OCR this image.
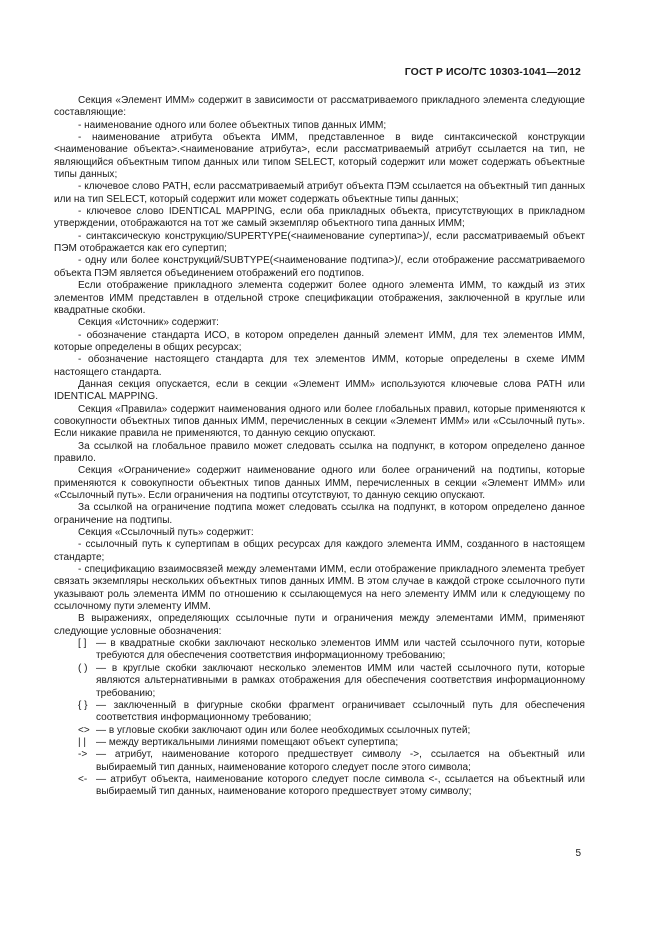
ГОСТ Р ИСО/ТС 10303-1041—2012

Секция «Элемент ИММ» содержит в зависимости от рассматриваемого прикладного элемента следующие составляющие:

- наименование одного или более объектных типов данных ИММ;

- наименование атрибута объекта ИММ, представленное в виде синтаксической конструкции <наименование объекта>.<наименование атрибута>, если рассматриваемый атрибут ссылается на тип, не являющийся объектным типом данных или типом SELECT, который содержит или может содержать объектные типы данных;

- ключевое слово PATH, если рассматриваемый атрибут объекта ПЭМ ссылается на объектный тип данных или на тип SELECT, который содержит или может содержать объектные типы данных;

- ключевое слово IDENTICAL MAPPING, если оба прикладных объекта, присутствующих в прикладном утверждении, отображаются на тот же самый экземпляр объектного типа данных ИММ;

- синтаксическую конструкцию/SUPERTYPE(<наименование супертипа>)/, если рассматриваемый объект ПЭМ отображается как его супертип;

- одну или более конструкций/SUBTYPE(<наименование подтипа>)/, если отображение рассматриваемого объекта ПЭМ является объединением отображений его подтипов.

Если отображение прикладного элемента содержит более одного элемента ИММ, то каждый из этих элементов ИММ представлен в отдельной строке спецификации отображения, заключенной в круглые или квадратные скобки.

Секция «Источник» содержит:

- обозначение стандарта ИСО, в котором определен данный элемент ИММ, для тех элементов ИММ, которые определены в общих ресурсах;

- обозначение настоящего стандарта для тех элементов ИММ, которые определены в схеме ИММ настоящего стандарта.

Данная секция опускается, если в секции «Элемент ИММ» используются ключевые слова PATH или IDENTICAL MAPPING.

Секция «Правила» содержит наименования одного или более глобальных правил, которые применяются к совокупности объектных типов данных ИММ, перечисленных в секции «Элемент ИММ» или «Ссылочный путь». Если никакие правила не применяются, то данную секцию опускают.

За ссылкой на глобальное правило может следовать ссылка на подпункт, в котором определено данное правило.

Секция «Ограничение» содержит наименование одного или более ограничений на подтипы, которые применяются к совокупности объектных типов данных ИММ, перечисленных в секции «Элемент ИММ» или «Ссылочный путь». Если ограничения на подтипы отсутствуют, то данную секцию опускают.

За ссылкой на ограничение подтипа может следовать ссылка на подпункт, в котором определено данное ограничение на подтипы.

Секция «Ссылочный путь» содержит:

- ссылочный путь к супертипам в общих ресурсах для каждого элемента ИММ, созданного в настоящем стандарте;

- спецификацию взаимосвязей между элементами ИММ, если отображение прикладного элемента требует связать экземпляры нескольких объектных типов данных ИММ. В этом случае в каждой строке ссылочного пути указывают роль элемента ИММ по отношению к ссылающемуся на него элементу ИММ или к следующему по ссылочному пути элементу ИММ.

В выражениях, определяющих ссылочные пути и ограничения между элементами ИММ, применяют следующие условные обозначения:

[ ] — в квадратные скобки заключают несколько элементов ИММ или частей ссылочного пути, которые требуются для обеспечения соответствия информационному требованию;
( ) — в круглые скобки заключают несколько элементов ИММ или частей ссылочного пути, которые являются альтернативными в рамках отображения для обеспечения соответствия информационному требованию;
{ } — заключенный в фигурные скобки фрагмент ограничивает ссылочный путь для обеспечения соответствия информационному требованию;
<> — в угловые скобки заключают один или более необходимых ссылочных путей;
| | — между вертикальными линиями помещают объект супертипа;
-> — атрибут, наименование которого предшествует символу ->, ссылается на объектный или выбираемый тип данных, наименование которого следует после этого символа;
<- — атрибут объекта, наименование которого следует после символа <-, ссылается на объектный или выбираемый тип данных, наименование которого предшествует этому символу;
5
